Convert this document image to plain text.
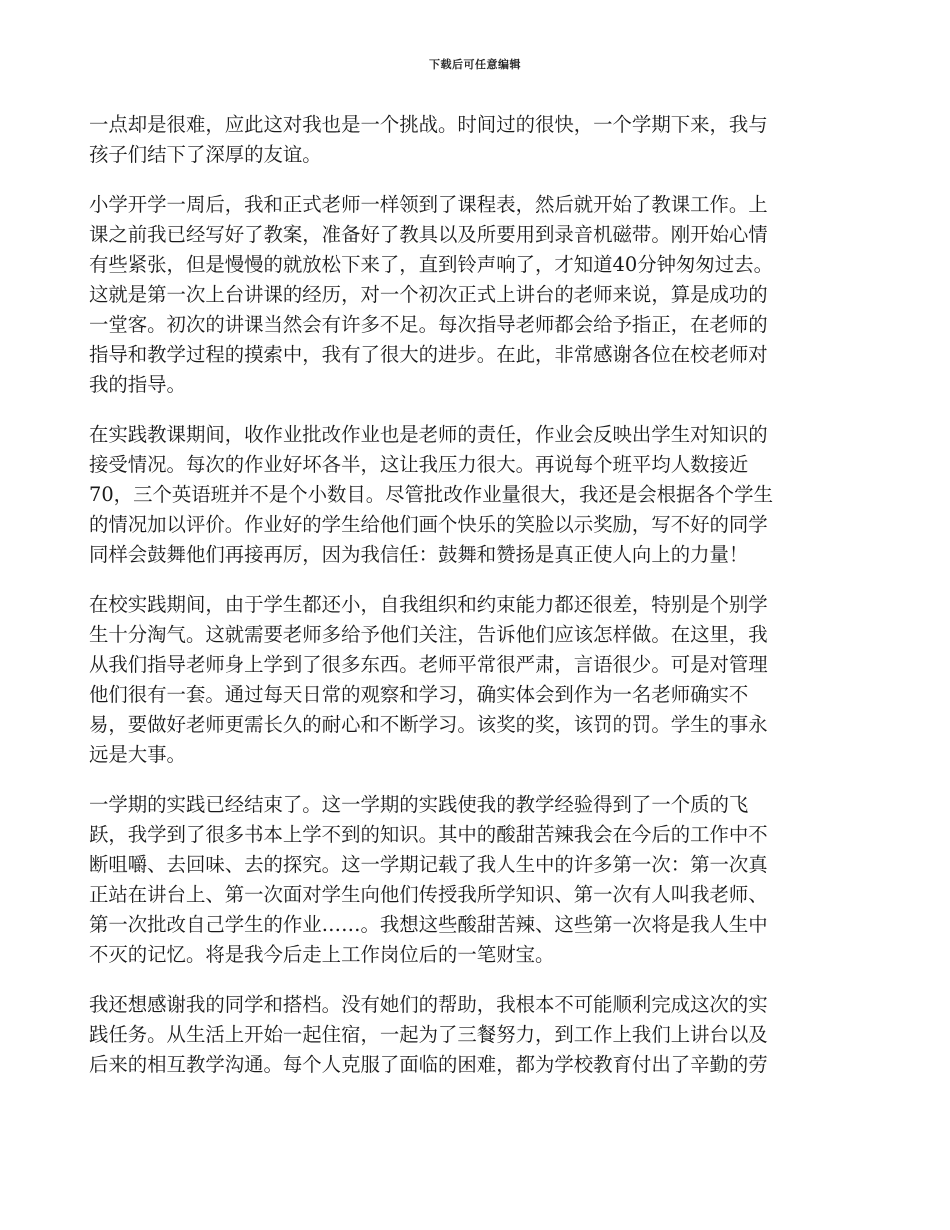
下载后可任意编辑
一点却是很难，应此这对我也是一个挑战。时间过的很快，一个学期下来，我与
孩子们结下了深厚的友谊。
小学开学一周后，我和正式老师一样领到了课程表，然后就开始了教课工作。上
课之前我已经写好了教案，准备好了教具以及所要用到录音机磁带。刚开始心情
有些紧张，但是慢慢的就放松下来了，直到铃声响了，才知道40分钟匆匆过去。
这就是第一次上台讲课的经历，对一个初次正式上讲台的老师来说，算是成功的
一堂客。初次的讲课当然会有许多不足。每次指导老师都会给予指正，在老师的
指导和教学过程的摸索中，我有了很大的进步。在此，非常感谢各位在校老师对
我的指导。
在实践教课期间，收作业批改作业也是老师的责任，作业会反映出学生对知识的
接受情况。每次的作业好坏各半，这让我压力很大。再说每个班平均人数接近
70，三个英语班并不是个小数目。尽管批改作业量很大，我还是会根据各个学生
的情况加以评价。作业好的学生给他们画个快乐的笑脸以示奖励，写不好的同学
同样会鼓舞他们再接再厉，因为我信任：鼓舞和赞扬是真正使人向上的力量！
在校实践期间，由于学生都还小，自我组织和约束能力都还很差，特别是个别学
生十分淘气。这就需要老师多给予他们关注，告诉他们应该怎样做。在这里，我
从我们指导老师身上学到了很多东西。老师平常很严肃，言语很少。可是对管理
他们很有一套。通过每天日常的观察和学习，确实体会到作为一名老师确实不
易，要做好老师更需长久的耐心和不断学习。该奖的奖，该罚的罚。学生的事永
远是大事。
一学期的实践已经结束了。这一学期的实践使我的教学经验得到了一个质的飞
跃，我学到了很多书本上学不到的知识。其中的酸甜苦辣我会在今后的工作中不
断咀嚼、去回味、去的探究。这一学期记载了我人生中的许多第一次：第一次真
正站在讲台上、第一次面对学生向他们传授我所学知识、第一次有人叫我老师、
第一次批改自己学生的作业……。我想这些酸甜苦辣、这些第一次将是我人生中
不灭的记忆。将是我今后走上工作岗位后的一笔财宝。
我还想感谢我的同学和搭档。没有她们的帮助，我根本不可能顺利完成这次的实
践任务。从生活上开始一起住宿，一起为了三餐努力，到工作上我们上讲台以及
后来的相互教学沟通。每个人克服了面临的困难，都为学校教育付出了辛勤的劳
